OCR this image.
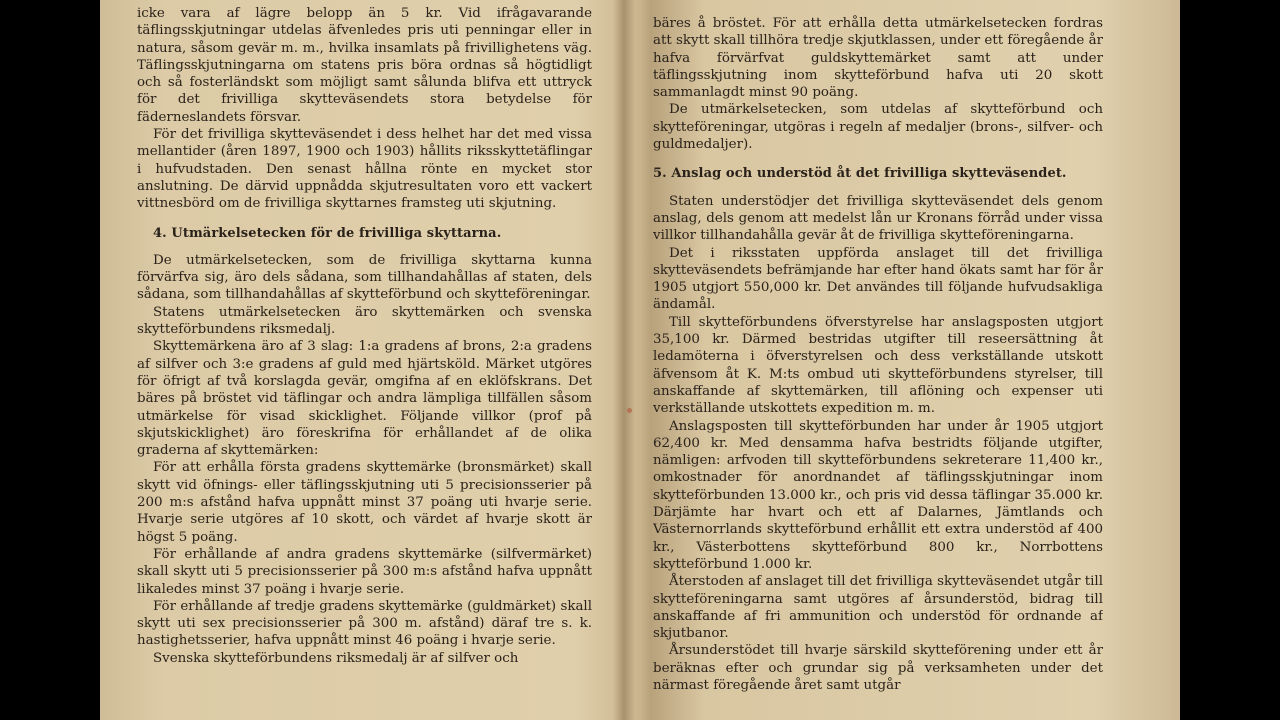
icke vara af lägre belopp än 5 kr. Vid ifrågavarande täflingsskjutningar utdelas äfvenledes pris uti penningar eller in natura, såsom gevär m. m., hvilka insamlats på frivillighetens väg. Täflingsskjutningarna om statens pris böra ordnas så högtidligt och så fosterländskt som möjligt samt sålunda blifva ett uttryck för det frivilliga skytteväsendets stora betydelse för fäderneslandets försvar.

För det frivilliga skytteväsendet i dess helhet har det med vissa mellantider (åren 1897, 1900 och 1903) hållits riksskyttetäflingar i hufvudstaden. Den senast hållna rönte en mycket stor anslutning. De därvid uppnådda skjutresultaten voro ett vackert vittnesbörd om de frivilliga skyttarnes framsteg uti skjutning.

4. Utmärkelsetecken för de frivilliga skyttarna.

De utmärkelsetecken, som de frivilliga skyttarna kunna förvärfva sig, äro dels sådana, som tillhandahållas af staten, dels sådana, som tillhandahållas af skytteförbund och skytteföreningar.

Statens utmärkelsetecken äro skyttemärken och svenska skytteförbundens riksmedalj.

Skyttemärkena äro af 3 slag: 1:a gradens af brons, 2:a gradens af silfver och 3:e gradens af guld med hjärtsköld. Märket utgöres för öfrigt af två korslagda gevär, omgifna af en eklöfskrans. Det bäres på bröstet vid täflingar och andra lämpliga tillfällen såsom utmärkelse för visad skicklighet. Följande villkor (prof på skjutskicklighet) äro föreskrifna för erhållandet af de olika graderna af skyttemärken:

För att erhålla första gradens skyttemärke (bronsmärket) skall skytt vid öfnings- eller täflingsskjutning uti 5 precisionsserier på 200 m:s afstånd hafva uppnått minst 37 poäng uti hvarje serie. Hvarje serie utgöres af 10 skott, och värdet af hvarje skott är högst 5 poäng.

För erhållande af andra gradens skyttemärke (silfvermärket) skall skytt uti 5 precisionsserier på 300 m:s afstånd hafva uppnått likaledes minst 37 poäng i hvarje serie.

För erhållande af tredje gradens skyttemärke (guldmärket) skall skytt uti sex precisionsserier på 300 m. afstånd) däraf tre s. k. hastighetsserier, hafva uppnått minst 46 poäng i hvarje serie.

Svenska skytteförbundens riksmedalj är af silfver och

bäres å bröstet. För att erhålla detta utmärkelsetecken fordras att skytt skall tillhöra tredje skjutklassen, under ett föregående år hafva förvärfvat guldskyttemärket samt att under täflingsskjutning inom skytteförbund hafva uti 20 skott sammanlagdt minst 90 poäng.

De utmärkelsetecken, som utdelas af skytteförbund och skytteföreningar, utgöras i regeln af medaljer (brons-, silfver- och guldmedaljer).

5. Anslag och understöd åt det frivilliga skytteväsendet.

Staten understödjer det frivilliga skytteväsendet dels genom anslag, dels genom att medelst lån ur Kronans förråd under vissa villkor tillhandahålla gevär åt de frivilliga skytteföreningarna.

Det i riksstaten uppförda anslaget till det frivilliga skytteväsendets befrämjande har efter hand ökats samt har för år 1905 utgjort 550,000 kr. Det användes till följande hufvudsakliga ändamål.

Till skytteförbundens öfverstyrelse har anslagsposten utgjort 35,100 kr. Därmed bestridas utgifter till reseersättning åt ledamöterna i öfverstyrelsen och dess verkställande utskott äfvensom åt K. M:ts ombud uti skytteförbundens styrelser, till anskaffande af skyttemärken, till aflöning och expenser uti verkställande utskottets expedition m. m.

Anslagsposten till skytteförbunden har under år 1905 utgjort 62,400 kr. Med densamma hafva bestridts följande utgifter, nämligen: arfvoden till skytteförbundens sekreterare 11,400 kr., omkostnader för anordnandet af täflingsskjutningar inom skytteförbunden 13.000 kr., och pris vid dessa täflingar 35.000 kr. Därjämte har hvart och ett af Dalarnes, Jämtlands och Västernorrlands skytteförbund erhållit ett extra understöd af 400 kr., Västerbottens skytteförbund 800 kr., Norrbottens skytteförbund 1.000 kr.

Återstoden af anslaget till det frivilliga skytteväsendet utgår till skytteföreningarna samt utgöres af årsunderstöd, bidrag till anskaffande af fri ammunition och understöd för ordnande af skjutbanor.

Årsunderstödet till hvarje särskild skytteförening under ett år beräknas efter och grundar sig på verksamheten under det närmast föregående året samt utgår
